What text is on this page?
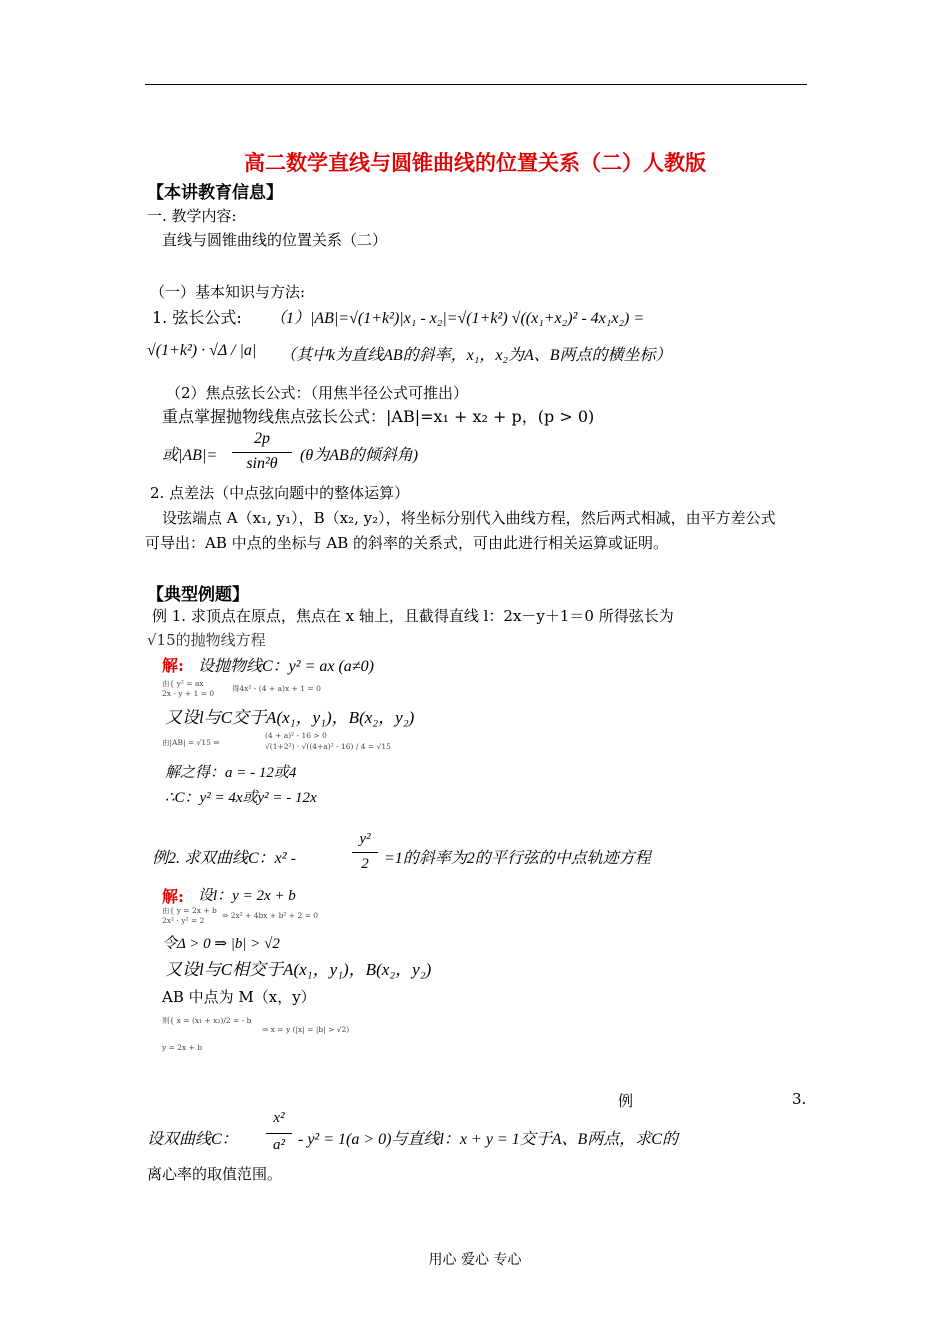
高二数学直线与圆锥曲线的位置关系（二）人教版
【本讲教育信息】
一. 教学内容:
直线与圆锥曲线的位置关系（二）
（一）基本知识与方法:
1. 弦长公式: （1）|AB|=√(1+k²)|x₁ - x₂|=√(1+k²) √((x₁+x₂)² - 4x₁x₂) =
√(1+k²) · √Δ / |a| （其中k为直线AB的斜率，x₁，x₂为A、B两点的横坐标）
（2）焦点弦长公式：（用焦半径公式可推出）
重点掌握抛物线焦点弦长公式：|AB|=x₁ + x₂ + p，(p > 0)
或|AB|=
2p
sin²θ	(θ为AB的倾斜角)
2. 点差法（中点弦向题中的整体运算）
设弦端点 A（x₁, y₁），B（x₂, y₂），将坐标分别代入曲线方程，然后两式相减，由平方差公式
可导出：AB 中点的坐标与 AB 的斜率的关系式，可由此进行相关运算或证明。
【典型例题】
例 1. 求顶点在原点，焦点在 x 轴上，且截得直线 l：2x－y＋1＝0 所得弦长为
√15的抛物线方程
解: 设抛物线C：y² = ax (a≠0)
由{ y² = ax
2x - y + 1 = 0
得4x² - (4 + a)x + 1 = 0
又设l与C交于A(x₁，y₁)，B(x₂，y₂)
由|AB| = √15 ⇒
(4 + a)² - 16 > 0
√(1+2²) · √((4+a)² - 16) / 4 = √15
解之得：a = - 12或4
∴C：y² = 4x或y² = - 12x
例2. 求双曲线C：x² -
y²
2 =1的斜率为2的平行弦的中点轨迹方程
解: 设l：y = 2x + b
由{ y = 2x + b
2x² - y² = 2
⇒ 2x² + 4bx + b² + 2 = 0
令Δ > 0 ⇒ |b| > √2
又设l与C相交于A(x₁，y₁)，B(x₂，y₂)
AB 中点为 M（x，y）
则{ x = (x₁ + x₂)/2 = - b
⇒ x = y (|x| = |b| > √2)
y = 2x + b
例	3.
设双曲线C：
x²
a² - y² = 1(a > 0)与直线l：x + y = 1交于A、B两点，求C的
离心率的取值范围。
用心 爱心 专心
